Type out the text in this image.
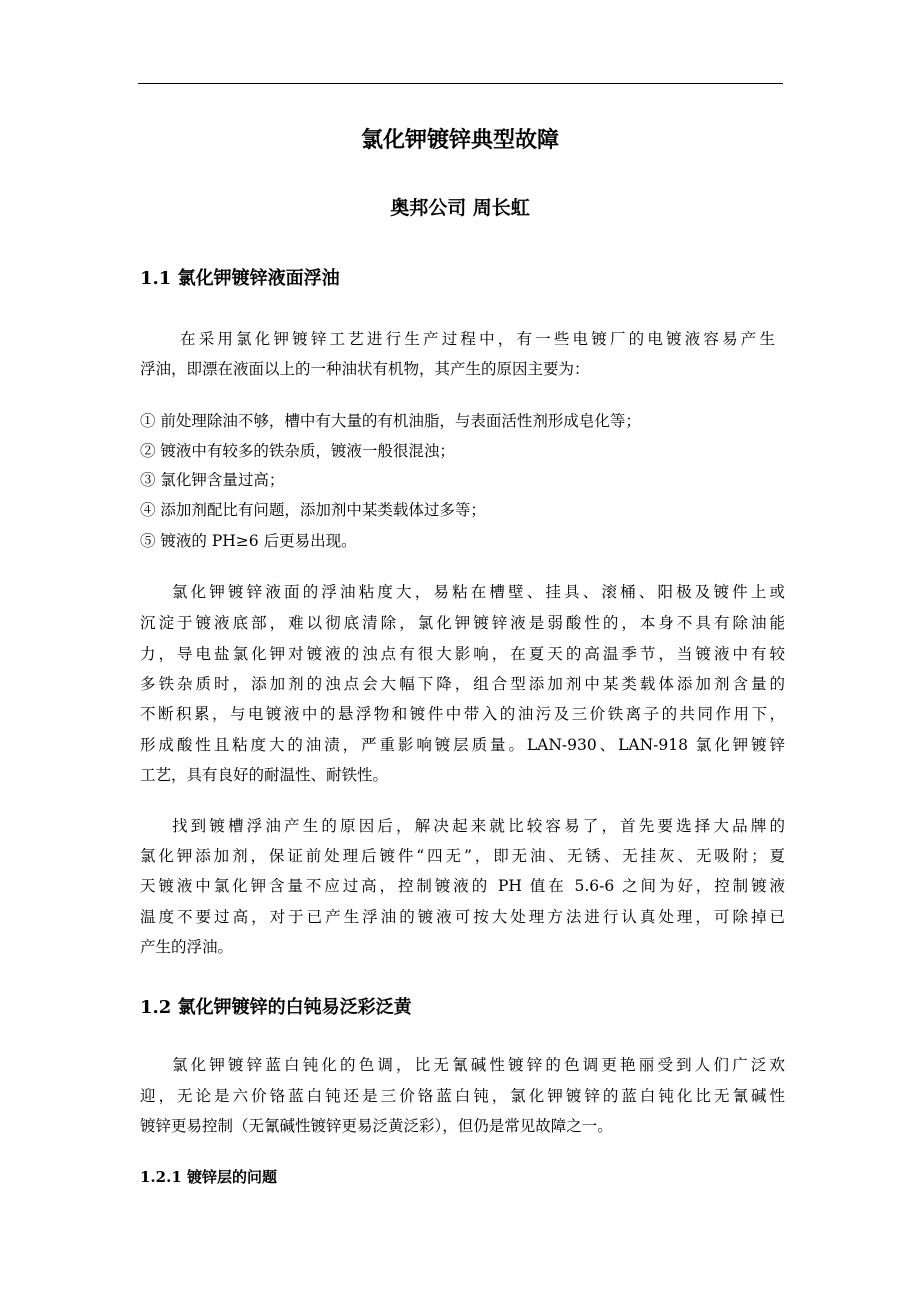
氯化钾镀锌典型故障
奥邦公司 周长虹
1.1 氯化钾镀锌液面浮油
在采用氯化钾镀锌工艺进行生产过程中，有一些电镀厂的电镀液容易产生
浮油，即漂在液面以上的一种油状有机物，其产生的原因主要为：
① 前处理除油不够，槽中有大量的有机油脂，与表面活性剂形成皂化等；
② 镀液中有较多的铁杂质，镀液一般很混浊；
③ 氯化钾含量过高；
④ 添加剂配比有问题，添加剂中某类载体过多等；
⑤ 镀液的 PH≥6 后更易出现。
氯化钾镀锌液面的浮油粘度大，易粘在槽壁、挂具、滚桶、阳极及镀件上或
沉淀于镀液底部，难以彻底清除，氯化钾镀锌液是弱酸性的，本身不具有除油能
力，导电盐氯化钾对镀液的浊点有很大影响，在夏天的高温季节，当镀液中有较
多铁杂质时，添加剂的浊点会大幅下降，组合型添加剂中某类载体添加剂含量的
不断积累，与电镀液中的悬浮物和镀件中带入的油污及三价铁离子的共同作用下，
形成酸性且粘度大的油渍，严重影响镀层质量。LAN-930、LAN-918 氯化钾镀锌
工艺，具有良好的耐温性、耐铁性。
找到镀槽浮油产生的原因后，解决起来就比较容易了，首先要选择大品牌的
氯化钾添加剂，保证前处理后镀件“四无”，即无油、无锈、无挂灰、无吸附；夏
天镀液中氯化钾含量不应过高，控制镀液的 PH 值在 5.6-6 之间为好，控制镀液
温度不要过高，对于已产生浮油的镀液可按大处理方法进行认真处理，可除掉已
产生的浮油。
1.2 氯化钾镀锌的白钝易泛彩泛黄
氯化钾镀锌蓝白钝化的色调，比无氰碱性镀锌的色调更艳丽受到人们广泛欢
迎，无论是六价铬蓝白钝还是三价铬蓝白钝，氯化钾镀锌的蓝白钝化比无氰碱性
镀锌更易控制（无氰碱性镀锌更易泛黄泛彩），但仍是常见故障之一。
1.2.1 镀锌层的问题
